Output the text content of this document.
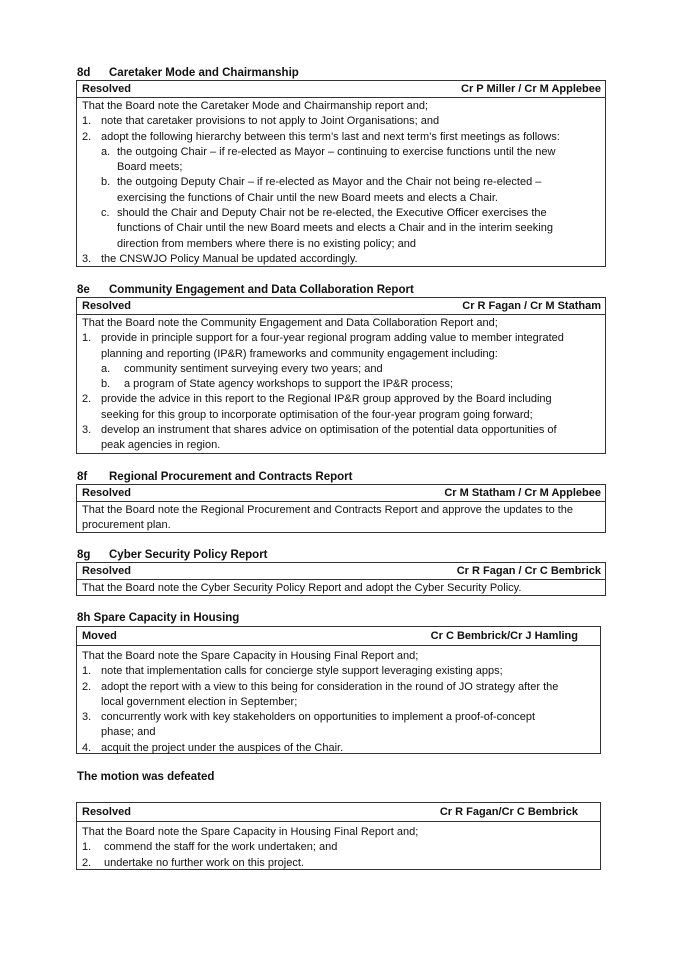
8d Caretaker Mode and Chairmanship
Resolved	Cr P Miller / Cr M Applebee
That the Board note the Caretaker Mode and Chairmanship report and;
1. note that caretaker provisions to not apply to Joint Organisations; and
2. adopt the following hierarchy between this term’s last and next term’s first meetings as follows:
a. the outgoing Chair – if re-elected as Mayor – continuing to exercise functions until the new
Board meets;
b. the outgoing Deputy Chair – if re-elected as Mayor and the Chair not being re-elected –
exercising the functions of Chair until the new Board meets and elects a Chair.
c. should the Chair and Deputy Chair not be re-elected, the Executive Officer exercises the
functions of Chair until the new Board meets and elects a Chair and in the interim seeking
direction from members where there is no existing policy; and
3. the CNSWJO Policy Manual be updated accordingly.
8e Community Engagement and Data Collaboration Report
Resolved	Cr R Fagan / Cr M Statham
That the Board note the Community Engagement and Data Collaboration Report and;
1. provide in principle support for a four-year regional program adding value to member integrated
planning and reporting (IP&R) frameworks and community engagement including:
a.	community sentiment surveying every two years; and
b.	a program of State agency workshops to support the IP&R process;
2. provide the advice in this report to the Regional IP&R group approved by the Board including
seeking for this group to incorporate optimisation of the four-year program going forward;
3. develop an instrument that shares advice on optimisation of the potential data opportunities of
peak agencies in region.
8f Regional Procurement and Contracts Report
Resolved	Cr M Statham / Cr M Applebee
That the Board note the Regional Procurement and Contracts Report and approve the updates to the
procurement plan.
8g Cyber Security Policy Report
Resolved	Cr R Fagan / Cr C Bembrick
That the Board note the Cyber Security Policy Report and adopt the Cyber Security Policy.
8h Spare Capacity in Housing
Moved	Cr C Bembrick/Cr J Hamling
That the Board note the Spare Capacity in Housing Final Report and;
1. note that implementation calls for concierge style support leveraging existing apps;
2. adopt the report with a view to this being for consideration in the round of JO strategy after the
local government election in September;
3. concurrently work with key stakeholders on opportunities to implement a proof-of-concept
phase; and
4. acquit the project under the auspices of the Chair.
The motion was defeated
Resolved	Cr R Fagan/Cr C Bembrick
That the Board note the Spare Capacity in Housing Final Report and;
1.	commend the staff for the work undertaken; and
2.	undertake no further work on this project.
